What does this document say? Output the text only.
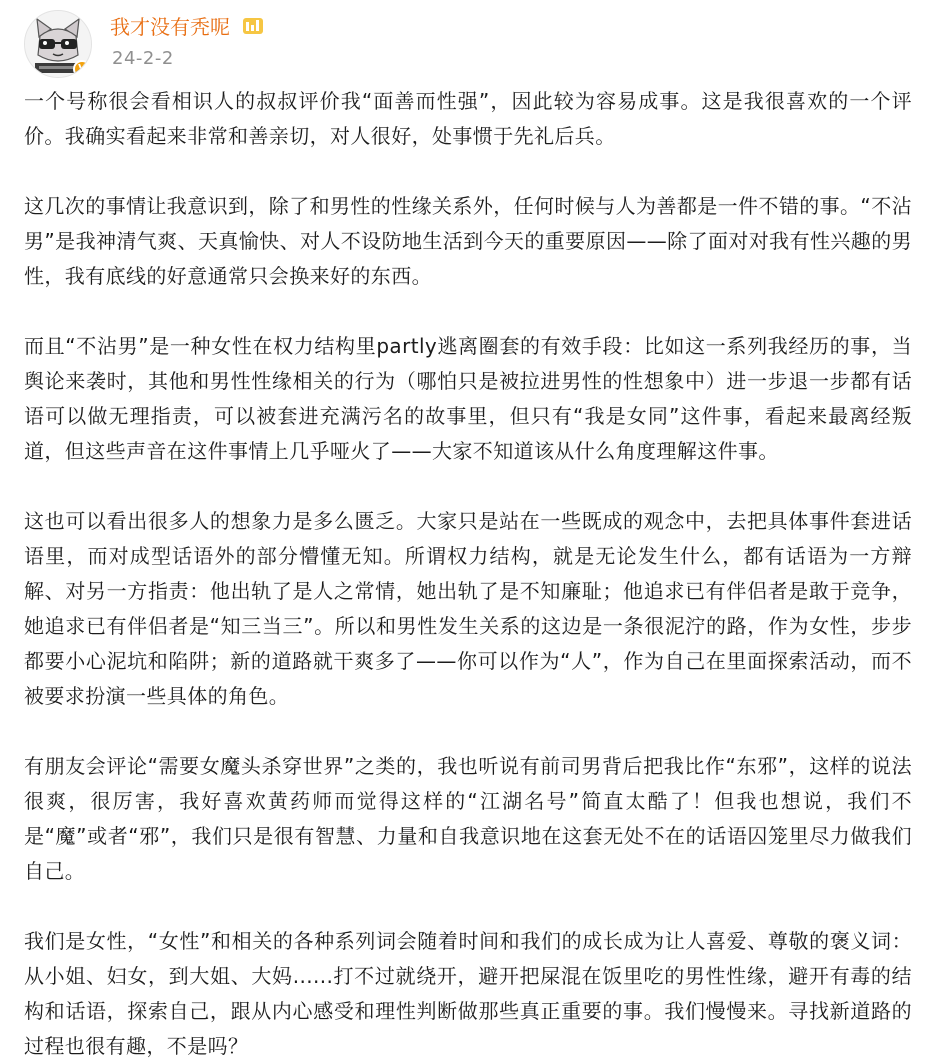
V
我才没有秃呢
24-2-2

一个号称很会看相识人的叔叔评价我“面善而性强”，因此较为容易成事。这是我很喜欢的一个评价。我确实看起来非常和善亲切，对人很好，处事惯于先礼后兵。

这几次的事情让我意识到，除了和男性的性缘关系外，任何时候与人为善都是一件不错的事。“不沾男”是我神清气爽、天真愉快、对人不设防地生活到今天的重要原因——除了面对对我有性兴趣的男性，我有底线的好意通常只会换来好的东西。

而且“不沾男”是一种女性在权力结构里partly逃离圈套的有效手段：比如这一系列我经历的事，当舆论来袭时，其他和男性性缘相关的行为（哪怕只是被拉进男性的性想象中）进一步退一步都有话语可以做无理指责，可以被套进充满污名的故事里，但只有“我是女同”这件事，看起来最离经叛道，但这些声音在这件事情上几乎哑火了——大家不知道该从什么角度理解这件事。

这也可以看出很多人的想象力是多么匮乏。大家只是站在一些既成的观念中，去把具体事件套进话语里，而对成型话语外的部分懵懂无知。所谓权力结构，就是无论发生什么，都有话语为一方辩解、对另一方指责：他出轨了是人之常情，她出轨了是不知廉耻；他追求已有伴侣者是敢于竞争，她追求已有伴侣者是“知三当三”。所以和男性发生关系的这边是一条很泥泞的路，作为女性，步步都要小心泥坑和陷阱；新的道路就干爽多了——你可以作为“人”，作为自己在里面探索活动，而不被要求扮演一些具体的角色。

有朋友会评论“需要女魔头杀穿世界”之类的，我也听说有前司男背后把我比作“东邪”，这样的说法很爽，很厉害，我好喜欢黄药师而觉得这样的“江湖名号”简直太酷了！但我也想说，我们不是“魔”或者“邪”，我们只是很有智慧、力量和自我意识地在这套无处不在的话语囚笼里尽力做我们自己。

我们是女性，“女性”和相关的各种系列词会随着时间和我们的成长成为让人喜爱、尊敬的褒义词：从小姐、妇女，到大姐、大妈......打不过就绕开，避开把屎混在饭里吃的男性性缘，避开有毒的结构和话语，探索自己，跟从内心感受和理性判断做那些真正重要的事。我们慢慢来。寻找新道路的过程也很有趣，不是吗？
